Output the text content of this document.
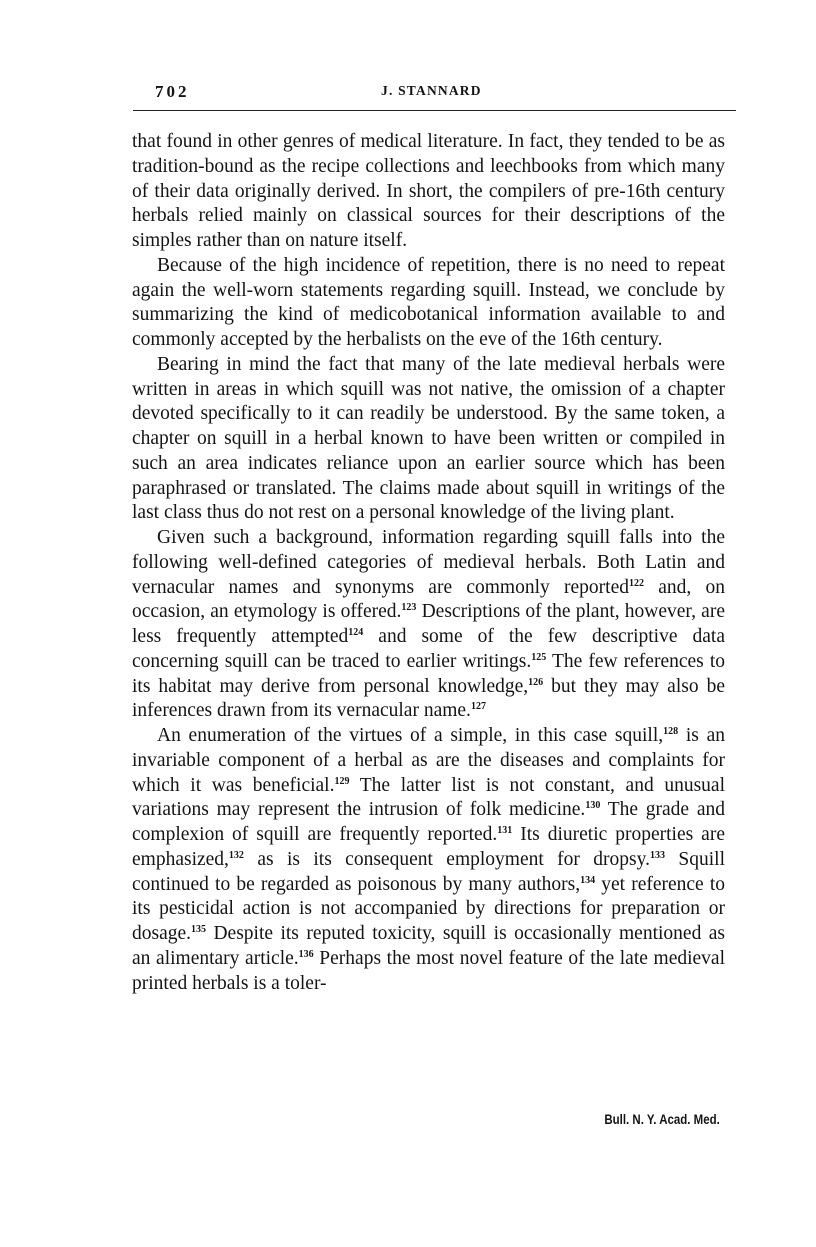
702	J. STANNARD

that found in other genres of medical literature. In fact, they tended to be as tradition-bound as the recipe collections and leechbooks from which many of their data originally derived. In short, the compilers of pre-16th century herbals relied mainly on classical sources for their descriptions of the simples rather than on nature itself.

Because of the high incidence of repetition, there is no need to repeat again the well-worn statements regarding squill. Instead, we conclude by summarizing the kind of medicobotanical information available to and commonly accepted by the herbalists on the eve of the 16th century.

Bearing in mind the fact that many of the late medieval herbals were written in areas in which squill was not native, the omission of a chapter devoted specifically to it can readily be understood. By the same token, a chapter on squill in a herbal known to have been written or compiled in such an area indicates reliance upon an earlier source which has been paraphrased or translated. The claims made about squill in writings of the last class thus do not rest on a personal knowledge of the living plant.

Given such a background, information regarding squill falls into the following well-defined categories of medieval herbals. Both Latin and vernacular names and synonyms are commonly reported$^{122}$ and, on occasion, an etymology is offered.$^{123}$ Descriptions of the plant, however, are less frequently attempted$^{124}$ and some of the few descriptive data concerning squill can be traced to earlier writings.$^{125}$ The few references to its habitat may derive from personal knowledge,$^{126}$ but they may also be inferences drawn from its vernacular name.$^{127}$

An enumeration of the virtues of a simple, in this case squill,$^{128}$ is an invariable component of a herbal as are the diseases and complaints for which it was beneficial.$^{129}$ The latter list is not constant, and unusual variations may represent the intrusion of folk medicine.$^{130}$ The grade and complexion of squill are frequently reported.$^{131}$ Its diuretic properties are emphasized,$^{132}$ as is its consequent employment for dropsy.$^{133}$ Squill continued to be regarded as poisonous by many authors,$^{134}$ yet reference to its pesticidal action is not accompanied by directions for preparation or dosage.$^{135}$ Despite its reputed toxicity, squill is occasionally mentioned as an alimentary article.$^{136}$ Perhaps the most novel feature of the late medieval printed herbals is a toler-

Bull. N. Y. Acad. Med.
